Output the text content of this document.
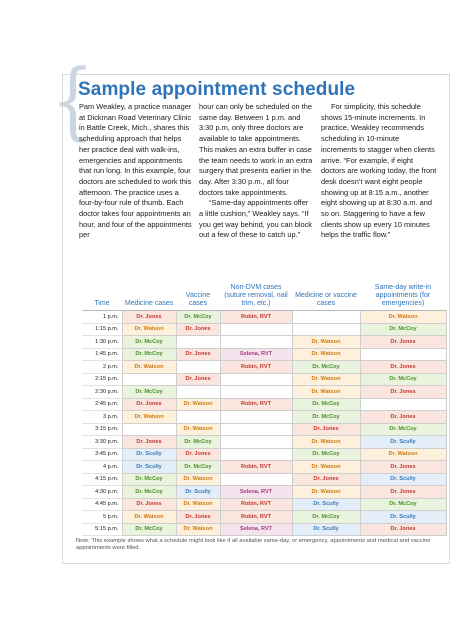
{
Sample appointment schedule

Pam Weakley, a practice manager at Dickman Road Veterinary Clinic in Battle Creek, Mich., shares this scheduling approach that helps her practice deal with walk-ins, emergencies and appointments that run long. In this example, four doctors are scheduled to work this afternoon. The practice uses a four-by-four rule of thumb. Each doctor takes four appointments an hour, and four of the appointments per

hour can only be scheduled on the same day. Between 1 p.m. and 3:30 p.m, only three doctors are available to take appointments. This makes an extra buffer in case the team needs to work in an extra surgery that presents earlier in the day. After 3:30 p.m., all four doctors take appointments.

“Same-day appointments offer a little cushion,” Weakley says. “If you get way behind, you can block out a few of these to catch up.”

For simplicity, this schedule shows 15-minute increments. In practice, Weakley recommends scheduling in 10-minute increments to stagger when clients arrive. “For example, if eight doctors are working today, the front desk doesn’t want eight people showing up at 8:15 a.m., another eight showing up at 8:30 a.m. and so on. Staggering to have a few clients show up every 10 minutes helps the traffic flow.”

Time	Medicine cases	Vaccine cases	Non-DVM cases (suture removal, nail trim, etc.)	Medicine or vaccine cases	Same-day write-in appointments (for emergencies)
1 p.m.	Dr. Jones	Dr. McCoy	Robin, RVT		Dr. Watson
1:15 p.m.	Dr. Watson	Dr. Jones			Dr. McCoy
1:30 p.m.	Dr. McCoy			Dr. Watson	Dr. Jones
1:45 p.m.	Dr. McCoy	Dr. Jones	Selena, RVT	Dr. Watson	
2 p.m.	Dr. Watson		Robin, RVT	Dr. McCoy	Dr. Jones
2:15 p.m.		Dr. Jones		Dr. Watson	Dr. McCoy
2:30 p.m.	Dr. McCoy			Dr. Watson	Dr. Jones
2:45 p.m.	Dr. Jones	Dr. Watson	Robin, RVT	Dr. McCoy	
3 p.m.	Dr. Watson			Dr. McCoy	Dr. Jones
3:15 p.m.		Dr. Watson		Dr. Jones	Dr. McCoy
3:30 p.m.	Dr. Jones	Dr. McCoy		Dr. Watson	Dr. Scully
3:45 p.m.	Dr. Scully	Dr. Jones		Dr. McCoy	Dr. Watson
4 p.m.	Dr. Scully	Dr. McCoy	Robin, RVT	Dr. Watson	Dr. Jones
4:15 p.m.	Dr. McCoy	Dr. Watson		Dr. Jones	Dr. Scully
4:30 p.m.	Dr. McCoy	Dr. Scully	Selena, RVT	Dr. Watson	Dr. Jones
4:45 p.m.	Dr. Jones	Dr. Watson	Robin, RVT	Dr. Scully	Dr. McCoy
5 p.m.	Dr. Watson	Dr. Jones	Robin, RVT	Dr. McCoy	Dr. Scully
5:15 p.m.	Dr. McCoy	Dr. Watson	Selena, RVT	Dr. Scully	Dr. Jones
Note: This example shows what a schedule might look like if all available same-day, or emergency, appointments and medical and vaccine appointments were filled.
